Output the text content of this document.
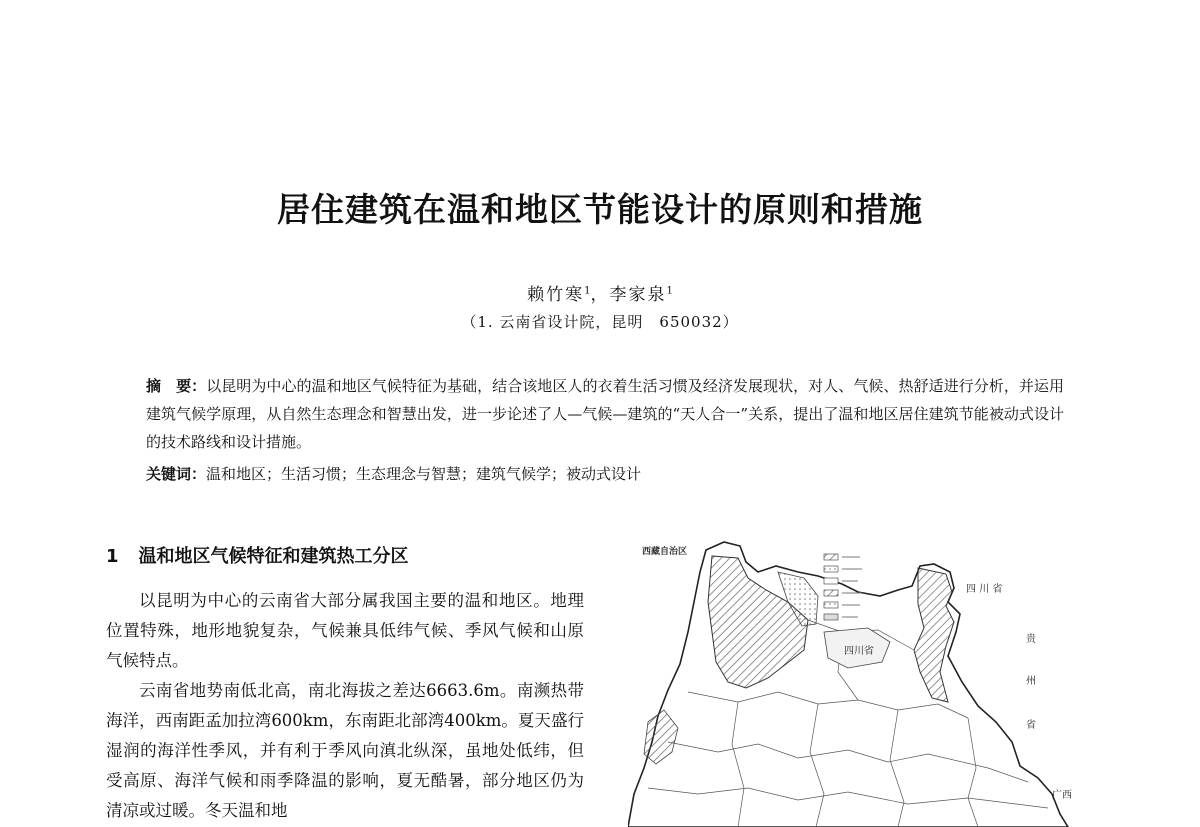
居住建筑在温和地区节能设计的原则和措施
赖竹寒$^1$，李家泉$^1$
（1. 云南省设计院，昆明　650032）
摘　要：以昆明为中心的温和地区气候特征为基础，结合该地区人的衣着生活习惯及经济发展现状，对人、气候、热舒适进行分析，并运用建筑气候学原理，从自然生态理念和智慧出发，进一步论述了人—气候—建筑的“天人合一”关系，提出了温和地区居住建筑节能被动式设计的技术路线和设计措施。
关键词：温和地区；生活习惯；生态理念与智慧；建筑气候学；被动式设计
1 温和地区气候特征和建筑热工分区

以昆明为中心的云南省大部分属我国主要的温和地区。地理位置特殊，地形地貌复杂，气候兼具低纬气候、季风气候和山原气候特点。

云南省地势南低北高，南北海拔之差达6663.6m。南濒热带海洋，西南距孟加拉湾600km，东南距北部湾400km。夏天盛行湿润的海洋性季风，并有利于季风向滇北纵深，虽地处低纬，但受高原、海洋气候和雨季降温的影响，夏无酷暑，部分地区仍为清凉或过暖。冬天温和地

西藏自治区
四 川 省
四川省
贵
州
省
广西
